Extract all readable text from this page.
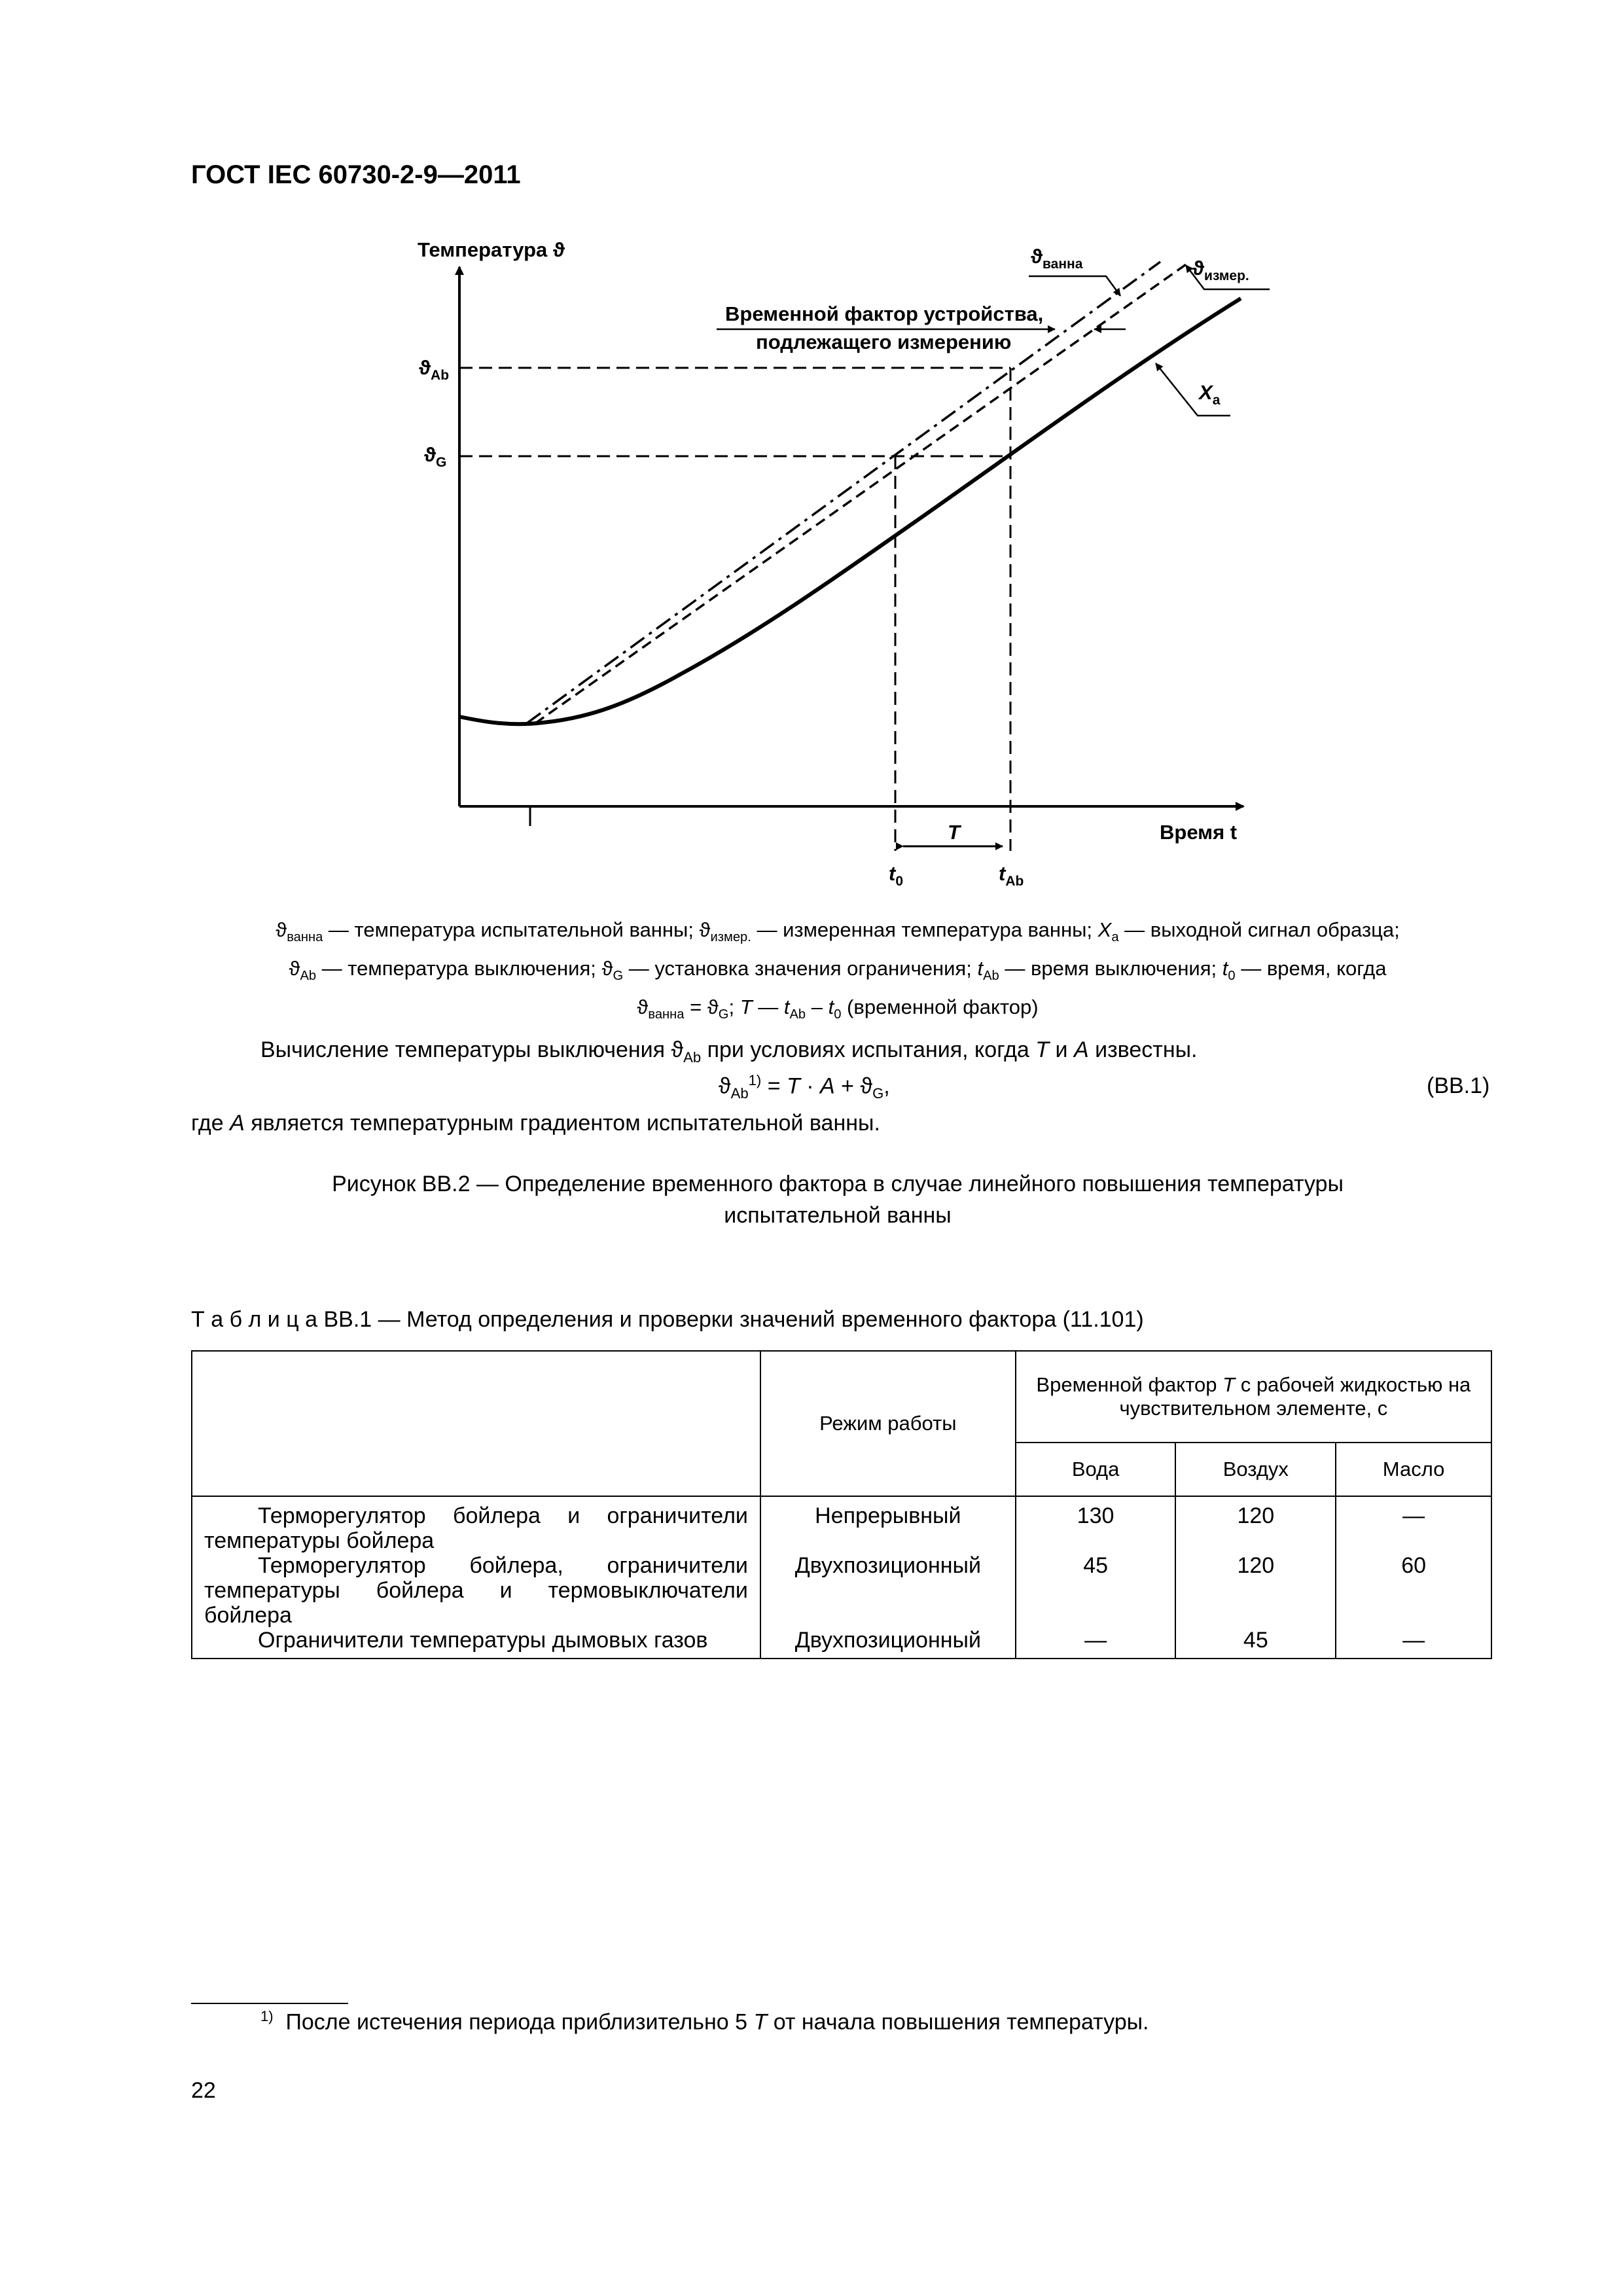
ГОСТ IEC 60730-2-9—2011
Температура ϑ
Время t
$ϑ_{ванна}$	$ϑ_{измер.}$
$X_a$
$ϑ_{Ab}$
$ϑ_G$
T
$t_0$	$t_{Ab}$
Временной фактор устройства,
подлежащего измерению
$ϑ_{ванна}$ — температура испытательной ванны; $ϑ_{измер.}$ — измеренная температура ванны; $X_a$ — выходной сигнал образца;
$ϑ_{Ab}$ — температура выключения; $ϑ_G$ — установка значения ограничения; $t_{Ab}$ — время выключения; $t_0$ — время, когда
$ϑ_{ванна} = ϑ_G$; T — $t_{Ab} - t_0$ (временной фактор)
Вычисление температуры выключения $ϑ_{Ab}$ при условиях испытания, когда T и A известны.
$ϑ_{Ab}^{1)} = T \cdot A + ϑ_G$,	(ВВ.1)
где A является температурным градиентом испытательной ванны.
Рисунок ВВ.2 — Определение временного фактора в случае линейного повышения температуры
испытательной ванны
Т а б л и ц а ВВ.1 — Метод определения и проверки значений временного фактора (11.101)
	Режим работы	Временной фактор T с рабочей жидкостью на чувствительном элементе, с		
		Вода	Воздух	Масло
Терморегулятор бойлера и ограничители температуры бойлера	Непрерывный	130	120	—
Терморегулятор бойлера, ограничители температуры бойлера и термовыключатели бойлера	Двухпозиционный	45	120	60
Ограничители температуры дымовых газов	Двухпозиционный	—	45	—
$^{1)}$  После истечения периода приблизительно 5 T от начала повышения температуры.
22
